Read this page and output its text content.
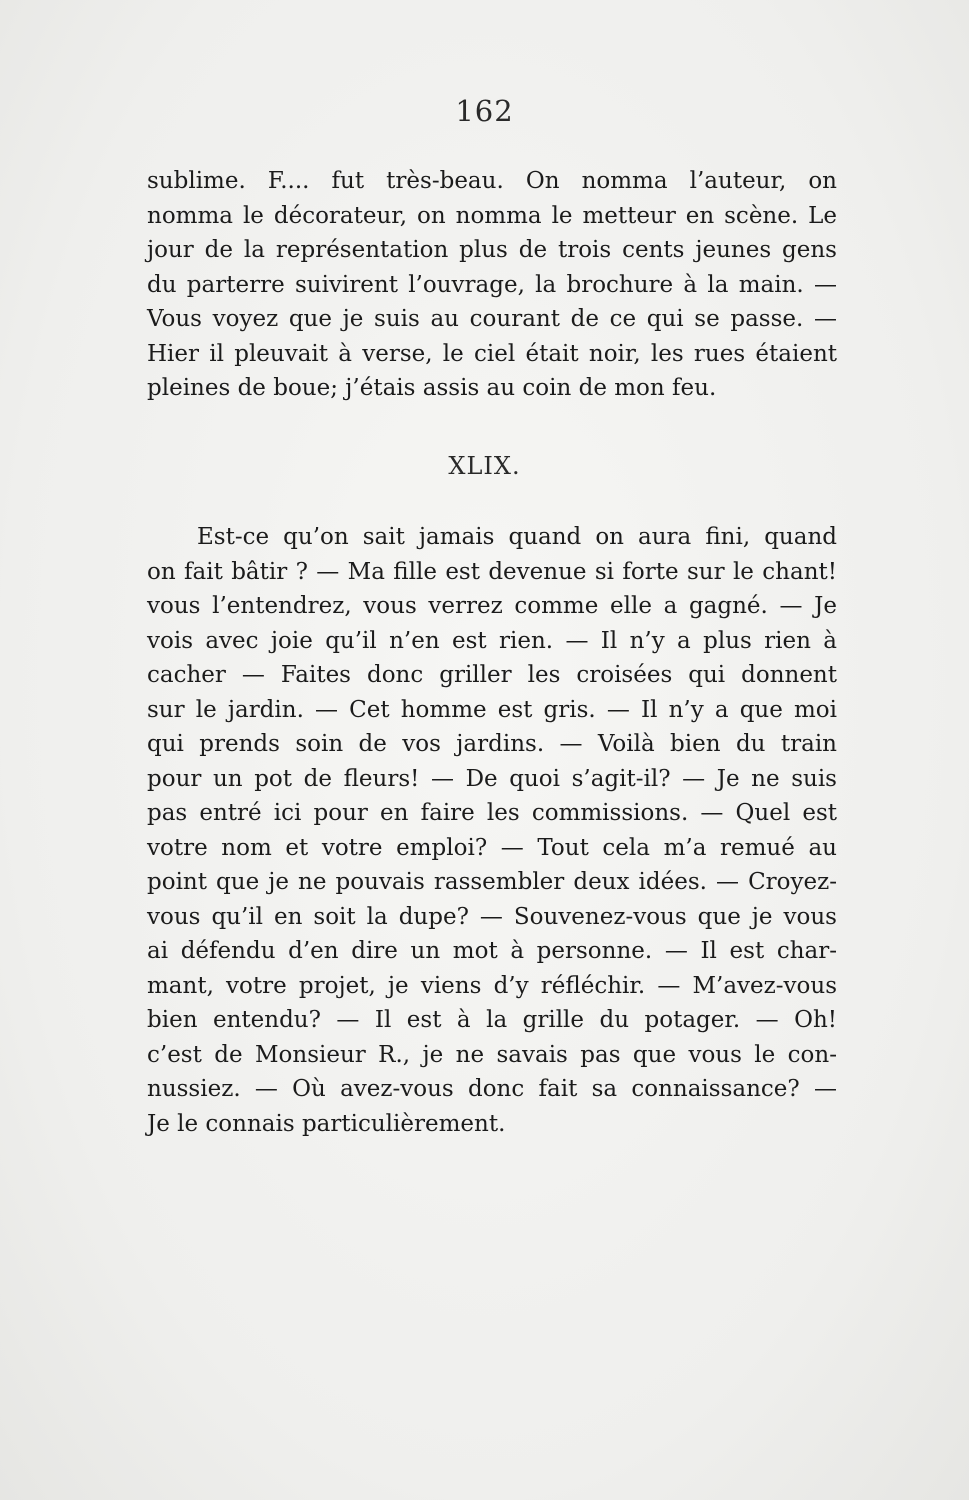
162
sublime. F.... fut très-beau. On nomma l’auteur, on
nomma le décorateur, on nomma le metteur en scène. Le
jour de la représentation plus de trois cents jeunes gens
du parterre suivirent l’ouvrage, la brochure à la main. —
Vous voyez que je suis au courant de ce qui se passe. —
Hier il pleuvait à verse, le ciel était noir, les rues étaient
pleines de boue; j’étais assis au coin de mon feu.
XLIX.
Est-ce qu’on sait jamais quand on aura fini, quand
on fait bâtir ? — Ma fille est devenue si forte sur le chant!
vous l’entendrez, vous verrez comme elle a gagné. — Je
vois avec joie qu’il n’en est rien. — Il n’y a plus rien à
cacher — Faites donc griller les croisées qui donnent
sur le jardin. — Cet homme est gris. — Il n’y a que moi
qui prends soin de vos jardins. — Voilà bien du train
pour un pot de fleurs! — De quoi s’agit-il? — Je ne suis
pas entré ici pour en faire les commissions. — Quel est
votre nom et votre emploi? — Tout cela m’a remué au
point que je ne pouvais rassembler deux idées. — Croyez-
vous qu’il en soit la dupe? — Souvenez-vous que je vous
ai défendu d’en dire un mot à personne. — Il est char-
mant, votre projet, je viens d’y réfléchir. — M’avez-vous
bien entendu? — Il est à la grille du potager. — Oh!
c’est de Monsieur R., je ne savais pas que vous le con-
nussiez. — Où avez-vous donc fait sa connaissance? —
Je le connais particulièrement.
